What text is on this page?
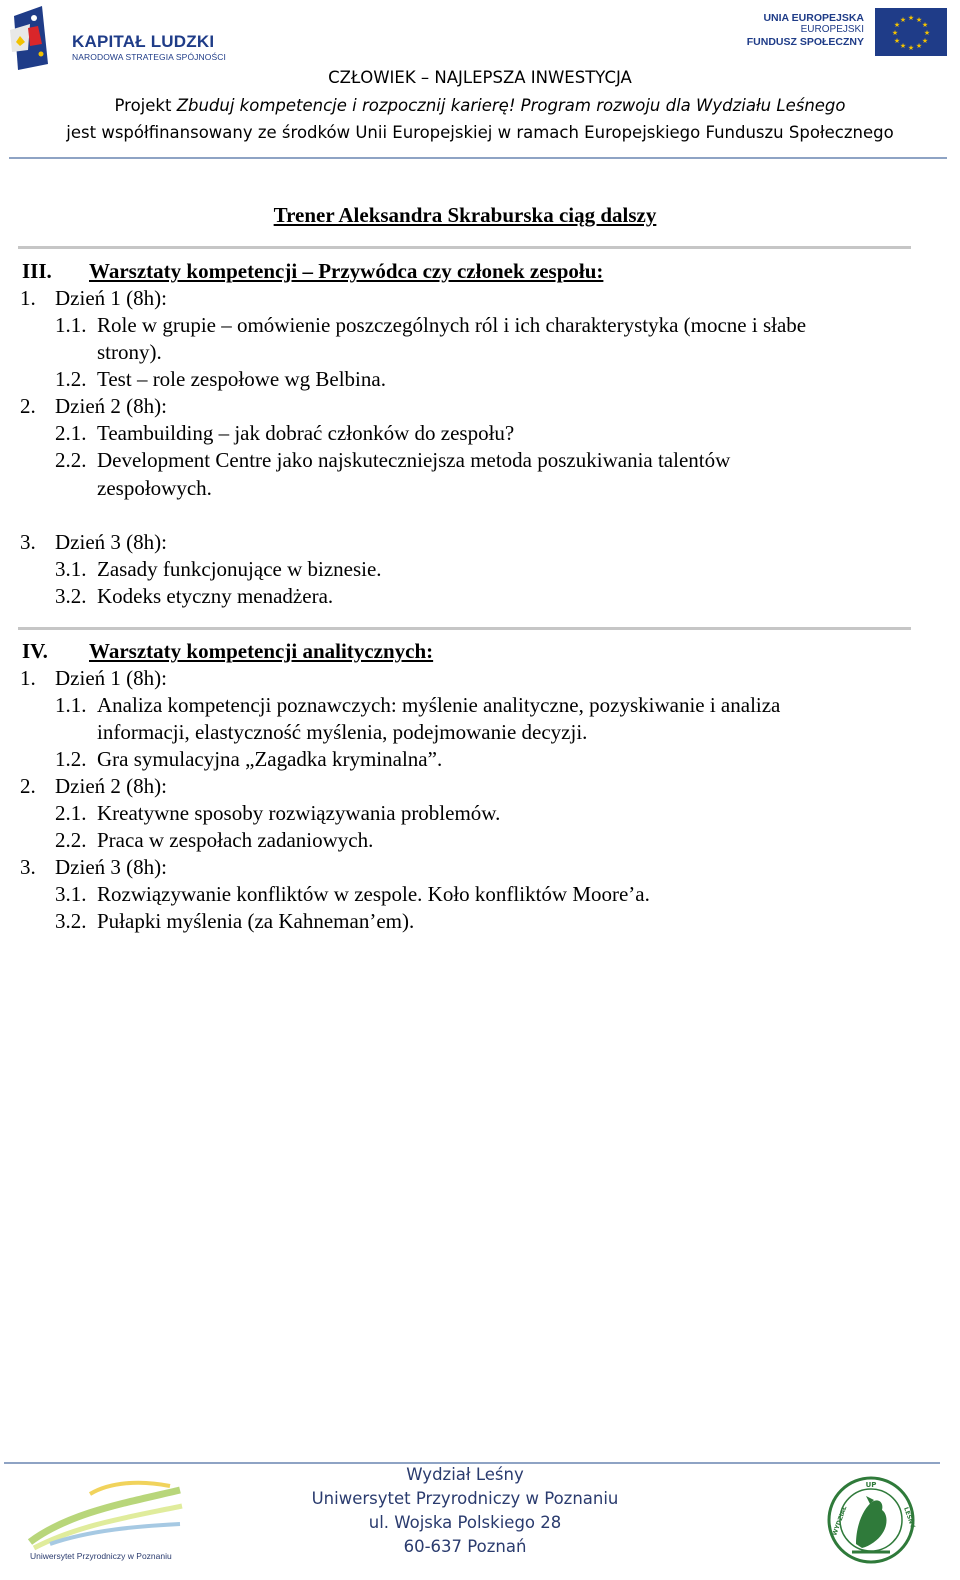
KAPITAŁ LUDZKI
NARODOWA STRATEGIA SPÓJNOŚCI
UNIA EUROPEJSKA
EUROPEJSKI
FUNDUSZ SPOŁECZNY
★ ★
★
★
★
★
★
★
★
★
★
★
CZŁOWIEK – NAJLEPSZA INWESTYCJA
Projekt Zbuduj kompetencje i rozpocznij karierę! Program rozwoju dla Wydziału Leśnego
jest współfinansowany ze środków Unii Europejskiej w ramach Europejskiego Funduszu Społecznego
Trener Aleksandra Skraburska ciąg dalszy
III. Warsztaty kompetencji – Przywódca czy członek zespołu:
1. Dzień 1 (8h):
1.1. Role w grupie – omówienie poszczególnych ról i ich charakterystyka (mocne i słabe
strony).
1.2. Test – role zespołowe wg Belbina.
2. Dzień 2 (8h):
2.1. Teambuilding – jak dobrać członków do zespołu?
2.2. Development Centre jako najskuteczniejsza metoda poszukiwania talentów
zespołowych.
3. Dzień 3 (8h):
3.1. Zasady funkcjonujące w biznesie.
3.2. Kodeks etyczny menadżera.
IV. Warsztaty kompetencji analitycznych:
1. Dzień 1 (8h):
1.1. Analiza kompetencji poznawczych: myślenie analityczne, pozyskiwanie i analiza
informacji, elastyczność myślenia, podejmowanie decyzji.
1.2. Gra symulacyjna „Zagadka kryminalna”.
2. Dzień 2 (8h):
2.1. Kreatywne sposoby rozwiązywania problemów.
2.2. Praca w zespołach zadaniowych.
3. Dzień 3 (8h):
3.1. Rozwiązywanie konfliktów w zespole. Koło konfliktów Moore’a.
3.2. Pułapki myślenia (za Kahneman’em).
Uniwersytet Przyrodniczy w Poznaniu
Wydział Leśny
Uniwersytet Przyrodniczy w Poznaniu
ul. Wojska Polskiego 28
60-637 Poznań
UP
WYDZIAŁ	LEŚNY
